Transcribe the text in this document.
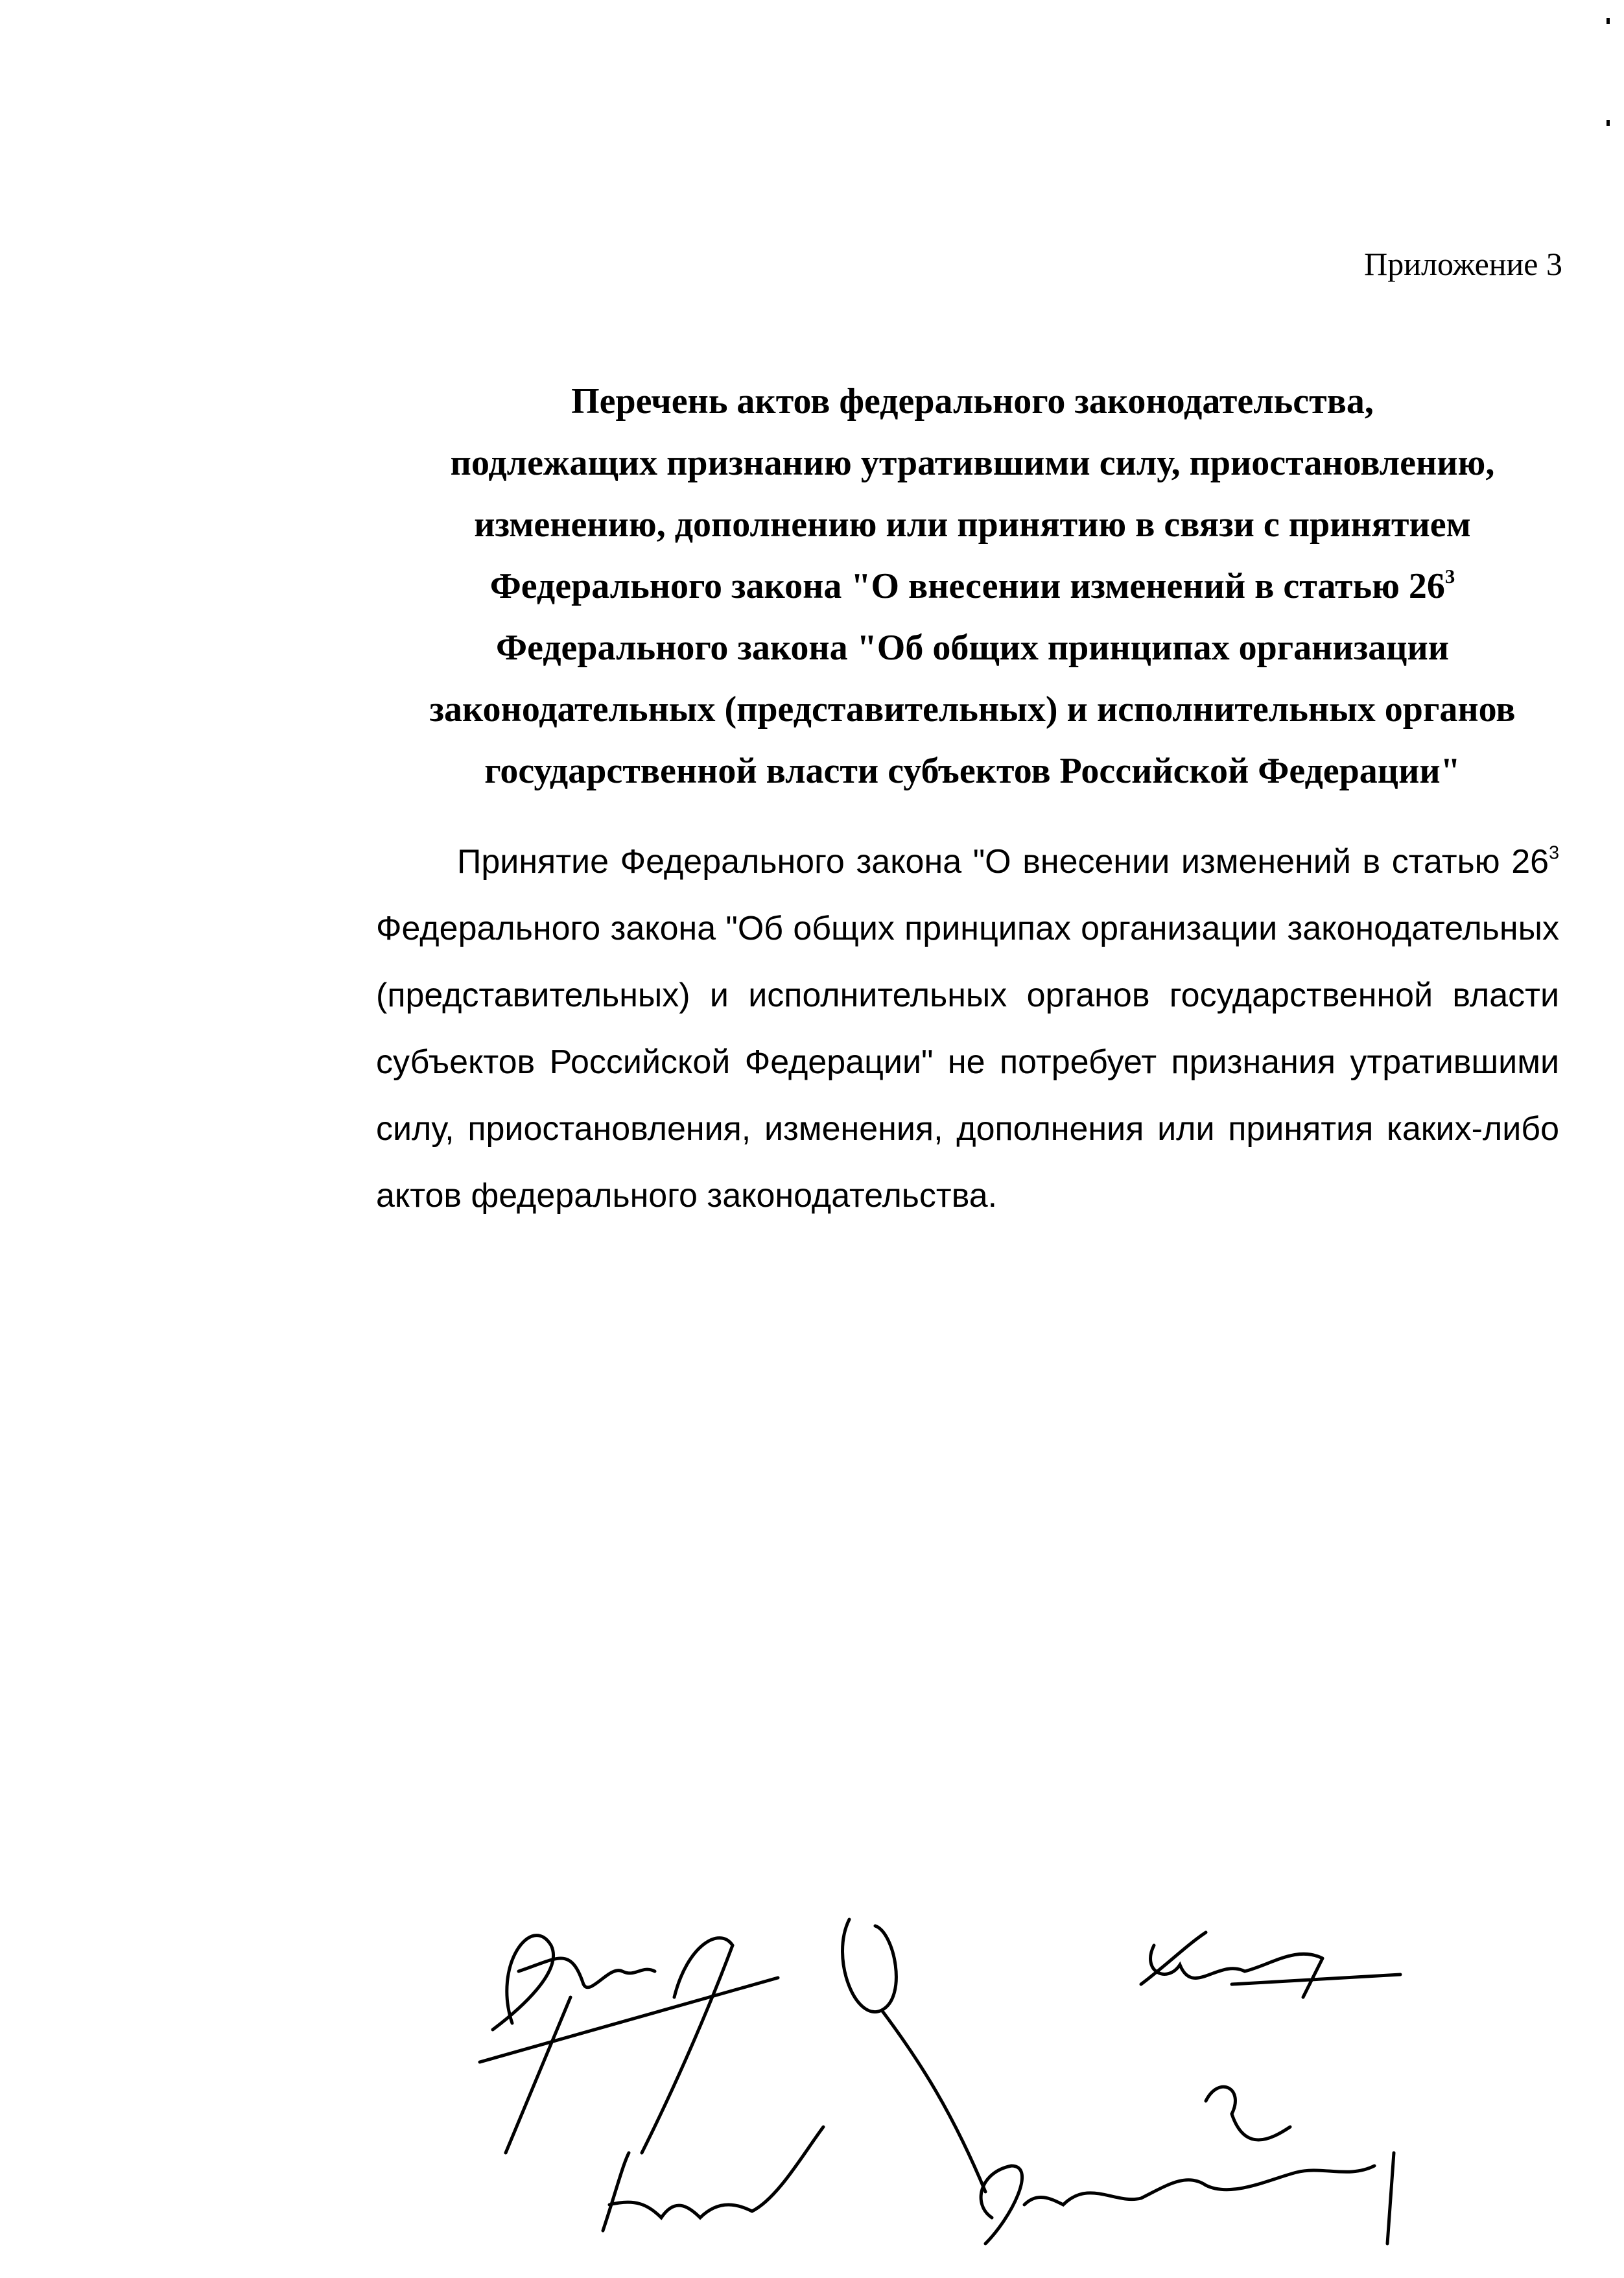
Приложение 3
Перечень актов федерального законодательства,
подлежащих признанию утратившими силу, приостановлению,
изменению, дополнению или принятию в связи с принятием
Федерального закона "О внесении изменений в статью $26^3$
Федерального закона "Об общих принципах организации
законодательных (представительных) и исполнительных органов
государственной власти субъектов Российской Федерации"
Принятие Федерального закона "О внесении изменений в статью $26^3$ Федерального закона "Об общих принципах организации законодательных (представительных) и исполнительных органов государственной власти субъектов Российской Федерации" не потребует признания утратившими силу, приостановления, изменения, дополнения или принятия каких-либо актов федерального законодательства.
